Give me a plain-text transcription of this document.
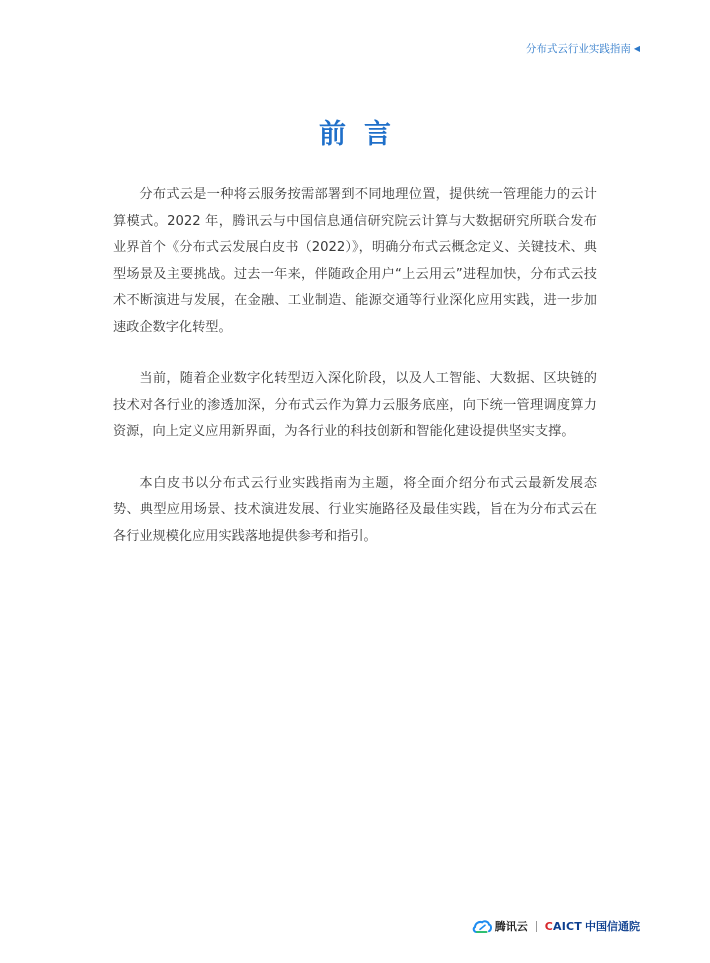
分布式云行业实践指南 ◀
前言

分布式云是一种将云服务按需部署到不同地理位置，提供统一管理能力的云计算模式。2022 年，腾讯云与中国信息通信研究院云计算与大数据研究所联合发布业界首个《分布式云发展白皮书（2022）》，明确分布式云概念定义、关键技术、典型场景及主要挑战。过去一年来，伴随政企用户“上云用云”进程加快，分布式云技术不断演进与发展，在金融、工业制造、能源交通等行业深化应用实践，进一步加速政企数字化转型。

当前，随着企业数字化转型迈入深化阶段，以及人工智能、大数据、区块链的技术对各行业的渗透加深，分布式云作为算力云服务底座，向下统一管理调度算力资源，向上定义应用新界面，为各行业的科技创新和智能化建设提供坚实支撑。

本白皮书以分布式云行业实践指南为主题，将全面介绍分布式云最新发展态势、典型应用场景、技术演进发展、行业实施路径及最佳实践，旨在为分布式云在各行业规模化应用实践落地提供参考和指引。

腾讯云 CAICT 中国信通院
